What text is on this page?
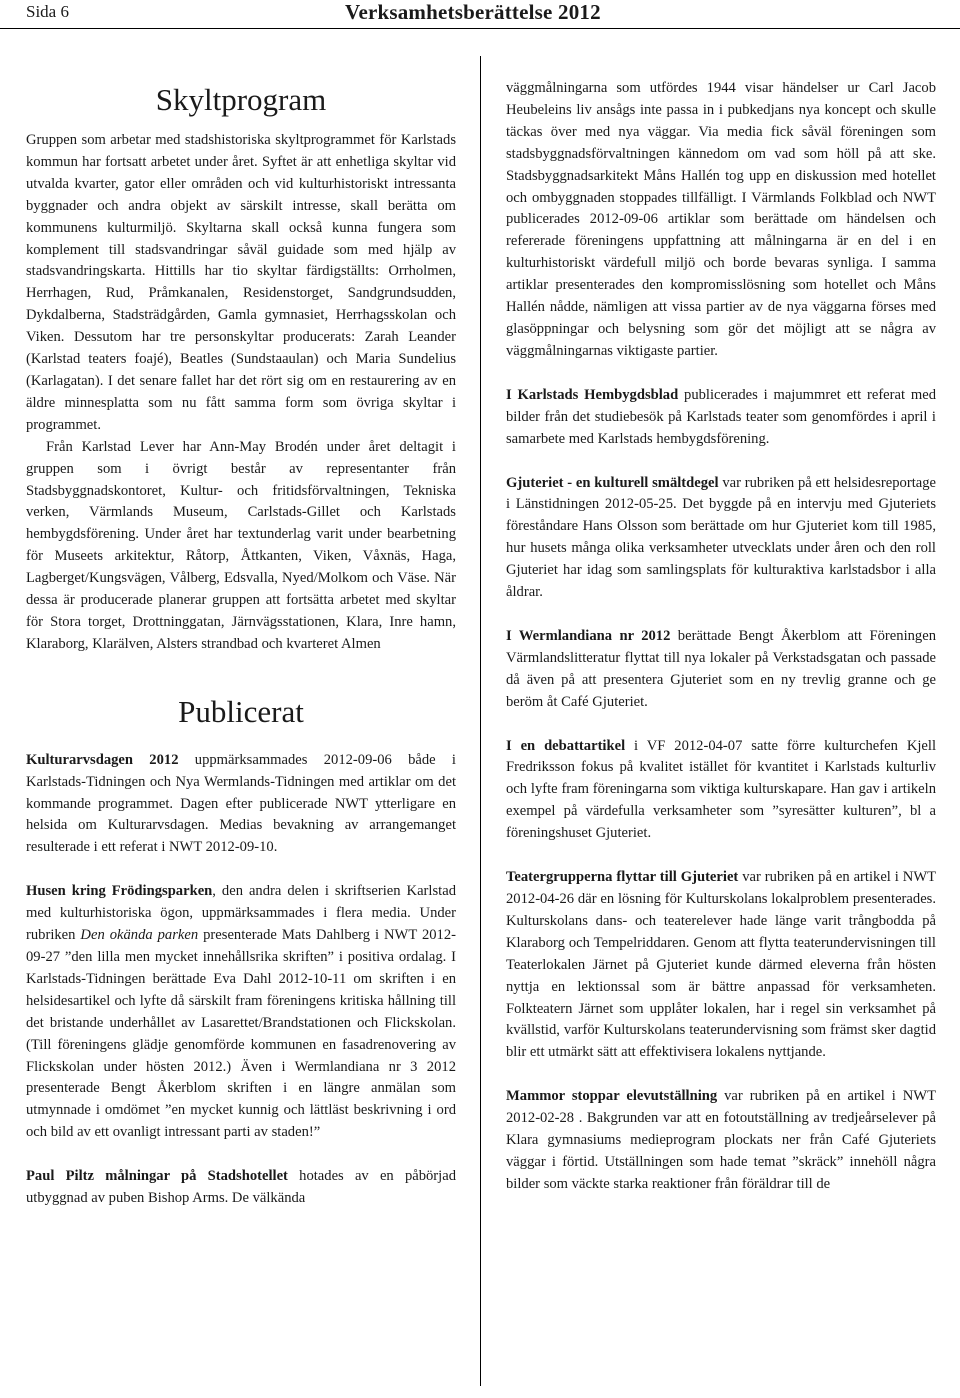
Sida 6	Verksamhetsberättelse 2012
Skyltprogram

Gruppen som arbetar med stadshistoriska skyltprogrammet för Karlstads kommun har fortsatt arbetet under året. Syftet är att enhetliga skyltar vid utvalda kvarter, gator eller områden och vid kulturhistoriskt intressanta byggnader och andra objekt av särskilt intresse, skall berätta om kommunens kulturmiljö. Skyltarna skall också kunna fungera som komplement till stadsvandringar såväl guidade som med hjälp av stadsvandringskarta. Hittills har tio skyltar färdigställts: Orrholmen, Herrhagen, Rud, Pråmkanalen, Residenstorget, Sandgrundsudden, Dykdalberna, Stadsträdgården, Gamla gymnasiet, Herrhagsskolan och Viken. Dessutom har tre personskyltar producerats: Zarah Leander (Karlstad teaters foajé), Beatles (Sundstaaulan) och Maria Sundelius (Karlagatan). I det senare fallet har det rört sig om en restaurering av en äldre minnesplatta som nu fått samma form som övriga skyltar i programmet.

Från Karlstad Lever har Ann-May Brodén under året deltagit i gruppen som i övrigt består av representanter från Stadsbyggnadskontoret, Kultur- och fritidsförvaltningen, Tekniska verken, Värmlands Museum, Carlstads-Gillet och Karlstads hembygdsförening. Under året har textunderlag varit under bearbetning för Museets arkitektur, Råtorp, Åttkanten, Viken, Våxnäs, Haga, Lagberget/Kungsvägen, Vålberg, Edsvalla, Nyed/Molkom och Väse. När dessa är producerade planerar gruppen att fortsätta arbetet med skyltar för Stora torget, Drottninggatan, Järnvägsstationen, Klara, Inre hamn, Klaraborg, Klarälven, Alsters strandbad och kvarteret Almen

Publicerat

Kulturarvsdagen 2012 uppmärksammades 2012-09-06 både i Karlstads-Tidningen och Nya Wermlands-Tidningen med artiklar om det kommande programmet. Dagen efter publicerade NWT ytterligare en helsida om Kulturarvsdagen. Medias bevakning av arrangemanget resulterade i ett referat i NWT 2012-09-10.

Husen kring Frödingsparken, den andra delen i skriftserien Karlstad med kulturhistoriska ögon, uppmärksammades i flera media. Under rubriken Den okända parken presenterade Mats Dahlberg i NWT 2012-09-27 ”den lilla men mycket innehållsrika skriften” i positiva ordalag. I Karlstads-Tidningen berättade Eva Dahl 2012-10-11 om skriften i en helsidesartikel och lyfte då särskilt fram föreningens kritiska hållning till det bristande underhållet av Lasarettet/Brandstationen och Flickskolan. (Till föreningens glädje genomförde kommunen en fasadrenovering av Flickskolan under hösten 2012.) Även i Wermlandiana nr 3 2012 presenterade Bengt Åkerblom skriften i en längre anmälan som utmynnade i omdömet ”en mycket kunnig och lättläst beskrivning i ord och bild av ett ovanligt intressant parti av staden!”

Paul Piltz målningar på Stadshotellet hotades av en påbörjad utbyggnad av puben Bishop Arms. De välkända

väggmålningarna som utfördes 1944 visar händelser ur Carl Jacob Heubeleins liv ansågs inte passa in i pubkedjans nya koncept och skulle täckas över med nya väggar. Via media fick såväl föreningen som stadsbyggnadsförvaltningen kännedom om vad som höll på att ske. Stadsbyggnadsarkitekt Måns Hallén tog upp en diskussion med hotellet och ombyggnaden stoppades tillfälligt. I Värmlands Folkblad och NWT publicerades 2012-09-06 artiklar som berättade om händelsen och refererade föreningens uppfattning att målningarna är en del i en kulturhistoriskt värdefull miljö och borde bevaras synliga. I samma artiklar presenterades den kompromisslösning som hotellet och Måns Hallén nådde, nämligen att vissa partier av de nya väggarna förses med glasöppningar och belysning som gör det möjligt att se några av väggmålningarnas viktigaste partier.

I Karlstads Hembygdsblad publicerades i majummret ett referat med bilder från det studiebesök på Karlstads teater som genomfördes i april i samarbete med Karlstads hembygdsförening.

Gjuteriet - en kulturell smältdegel var rubriken på ett helsidesreportage i Länstidningen 2012-05-25. Det byggde på en intervju med Gjuteriets föreståndare Hans Olsson som berättade om hur Gjuteriet kom till 1985, hur husets många olika verksamheter utvecklats under åren och den roll Gjuteriet har idag som samlingsplats för kulturaktiva karlstadsbor i alla åldrar.

I Wermlandiana nr 2012 berättade Bengt Åkerblom att Föreningen Värmlandslitteratur flyttat till nya lokaler på Verkstadsgatan och passade då även på att presentera Gjuteriet som en ny trevlig granne och ge beröm åt Café Gjuteriet.

I en debattartikel i VF 2012-04-07 satte förre kulturchefen Kjell Fredriksson fokus på kvalitet istället för kvantitet i Karlstads kulturliv och lyfte fram föreningarna som viktiga kulturskapare. Han gav i artikeln exempel på värdefulla verksamheter som ”syresätter kulturen”, bl a föreningshuset Gjuteriet.

Teatergrupperna flyttar till Gjuteriet var rubriken på en artikel i NWT 2012-04-26 där en lösning för Kulturskolans lokalproblem presenterades. Kulturskolans dans- och teaterelever hade länge varit trångbodda på Klaraborg och Tempelriddaren. Genom att flytta teaterundervisningen till Teaterlokalen Järnet på Gjuteriet kunde därmed eleverna från hösten nyttja en lektionssal som är bättre anpassad för verksamheten. Folkteatern Järnet som upplåter lokalen, har i regel sin verksamhet på kvällstid, varför Kulturskolans teaterundervisning som främst sker dagtid blir ett utmärkt sätt att effektivisera lokalens nyttjande.

Mammor stoppar elevutställning var rubriken på en artikel i NWT 2012-02-28 . Bakgrunden var att en fotoutställning av tredjeårselever på Klara gymnasiums medieprogram plockats ner från Café Gjuteriets väggar i förtid. Utställningen som hade temat ”skräck” innehöll några bilder som väckte starka reaktioner från föräldrar till de
